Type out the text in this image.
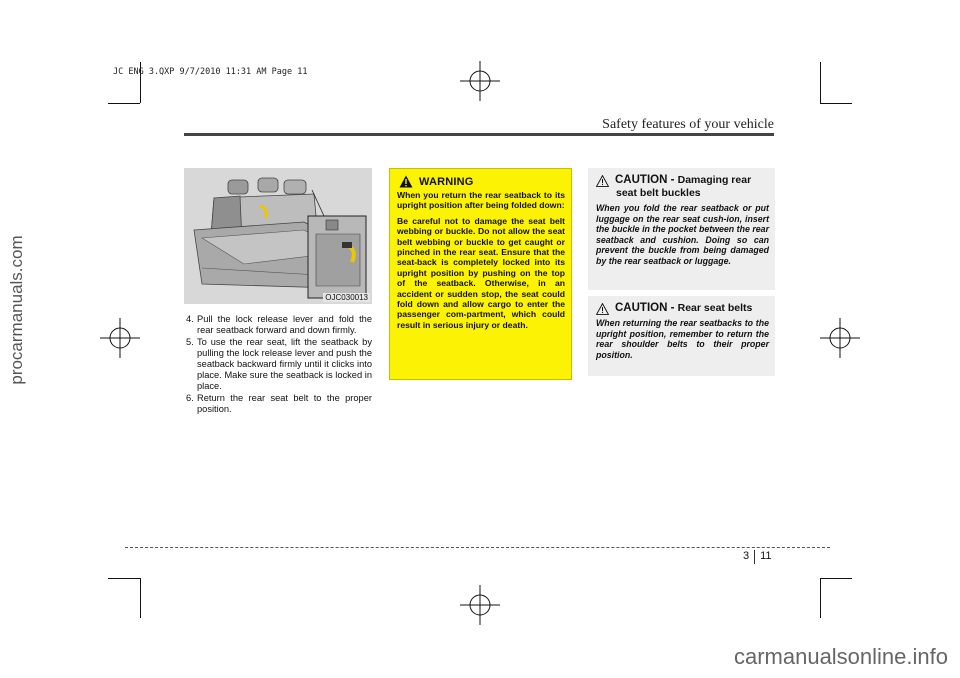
JC ENG 3.QXP 9/7/2010 11:31 AM Page 11
procarmanuals.com
Safety features of your vehicle
OJC030013
4. Pull the lock release lever and fold the rear seatback forward and down firmly.
5. To use the rear seat, lift the seatback by pulling the lock release lever and push the seatback backward firmly until it clicks into place. Make sure the seatback is locked in place.
6. Return the rear seat belt to the proper position.
WARNING

When you return the rear seatback to its upright position after being folded down:

Be careful not to damage the seat belt webbing or buckle. Do not allow the seat belt webbing or buckle to get caught or pinched in the rear seat. Ensure that the seat-back is completely locked into its upright position by pushing on the top of the seatback. Otherwise, in an accident or sudden stop, the seat could fold down and allow cargo to enter the passenger com-partment, which could result in serious injury or death.

CAUTION - Damaging rear
seat belt buckles

When you fold the rear seatback or put luggage on the rear seat cush-ion, insert the buckle in the pocket between the rear seatback and cushion. Doing so can prevent the buckle from being damaged by the rear seatback or luggage.

CAUTION - Rear seat belts

When returning the rear seatbacks to the upright position, remember to return the rear shoulder belts to their proper position.

3 11
carmanualsonline.info
